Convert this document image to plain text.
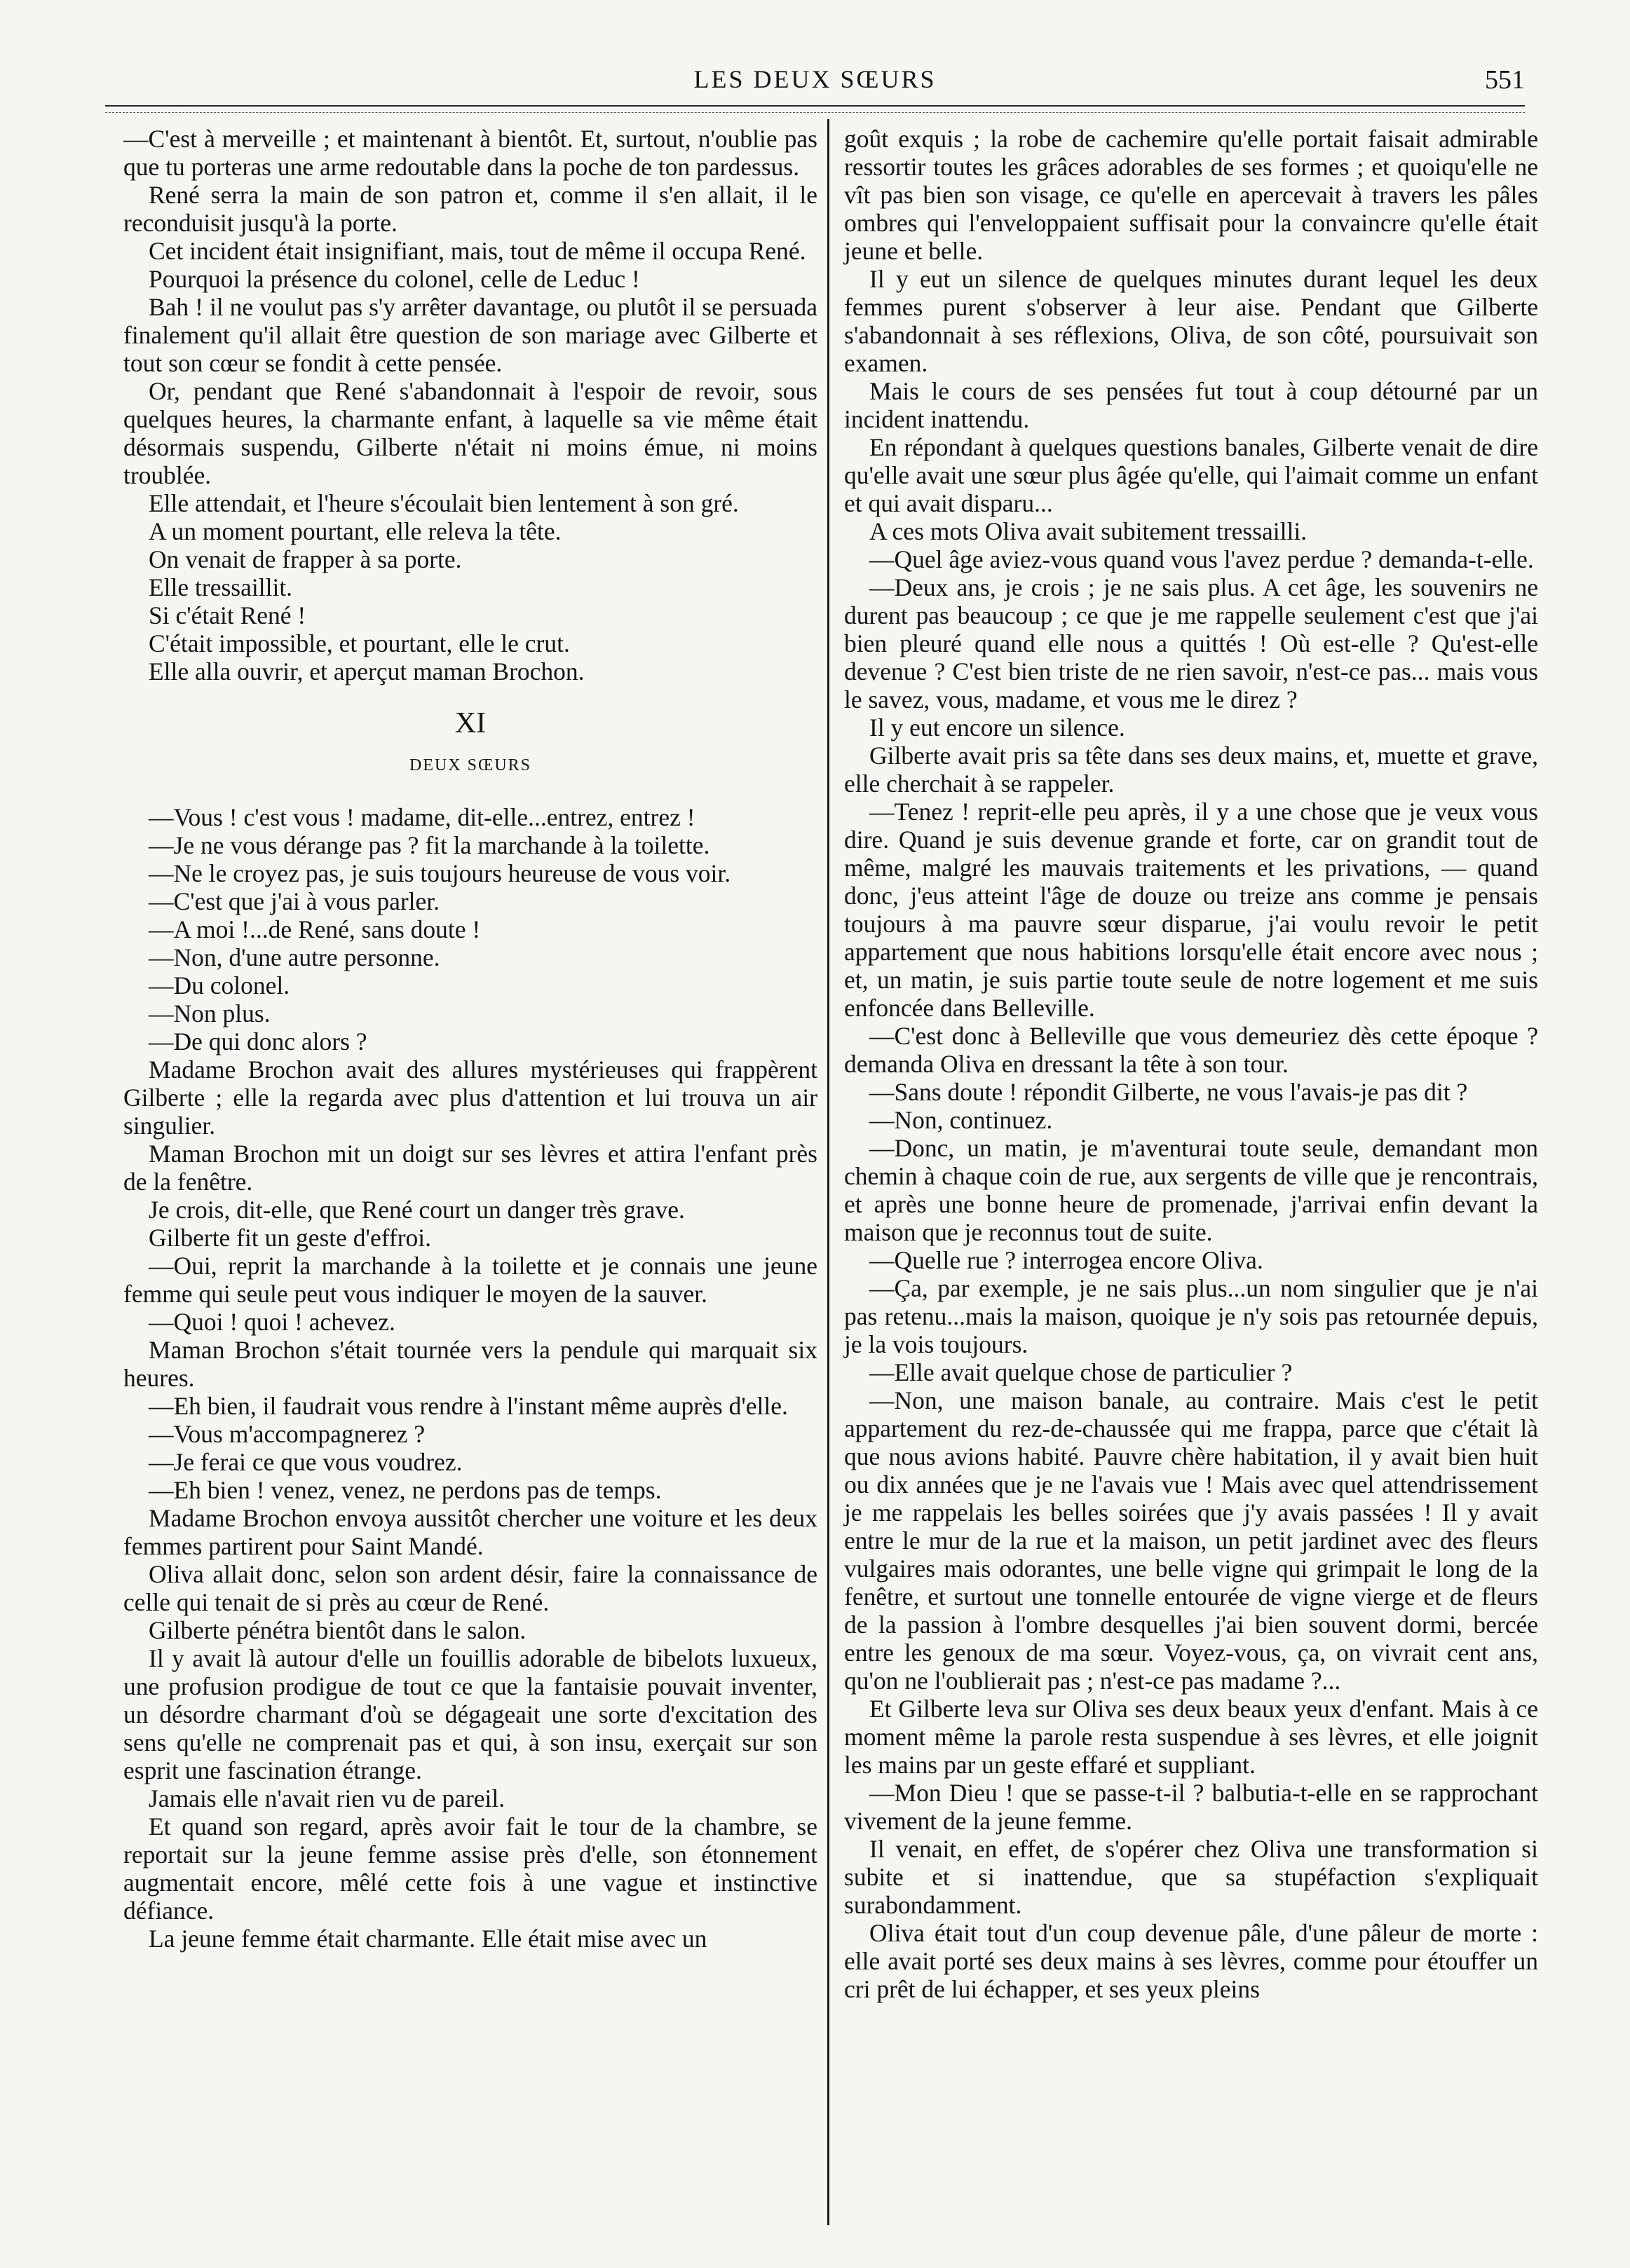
LES DEUX SŒURS	551

—C'est à merveille ; et maintenant à bientôt. Et, surtout, n'oublie pas que tu porteras une arme redoutable dans la poche de ton pardessus.

René serra la main de son patron et, comme il s'en allait, il le reconduisit jusqu'à la porte.

Cet incident était insignifiant, mais, tout de même il occupa René.

Pourquoi la présence du colonel, celle de Leduc !

Bah ! il ne voulut pas s'y arrêter davantage, ou plutôt il se persuada finalement qu'il allait être question de son mariage avec Gilberte et tout son cœur se fondit à cette pensée.

Or, pendant que René s'abandonnait à l'espoir de revoir, sous quelques heures, la charmante enfant, à laquelle sa vie même était désormais suspendu, Gilberte n'était ni moins émue, ni moins troublée.

Elle attendait, et l'heure s'écoulait bien lentement à son gré.

A un moment pourtant, elle releva la tête.

On venait de frapper à sa porte.

Elle tressaillit.

Si c'était René !

C'était impossible, et pourtant, elle le crut.

Elle alla ouvrir, et aperçut maman Brochon.

XI
DEUX SŒURS

—Vous ! c'est vous ! madame, dit-elle...entrez, entrez !

—Je ne vous dérange pas ? fit la marchande à la toilette.

—Ne le croyez pas, je suis toujours heureuse de vous voir.

—C'est que j'ai à vous parler.

—A moi !...de René, sans doute !

—Non, d'une autre personne.

—Du colonel.

—Non plus.

—De qui donc alors ?

Madame Brochon avait des allures mystérieuses qui frappèrent Gilberte ; elle la regarda avec plus d'attention et lui trouva un air singulier.

Maman Brochon mit un doigt sur ses lèvres et attira l'enfant près de la fenêtre.

Je crois, dit-elle, que René court un danger très grave.

Gilberte fit un geste d'effroi.

—Oui, reprit la marchande à la toilette et je connais une jeune femme qui seule peut vous indiquer le moyen de la sauver.

—Quoi ! quoi ! achevez.

Maman Brochon s'était tournée vers la pendule qui marquait six heures.

—Eh bien, il faudrait vous rendre à l'instant même auprès d'elle.

—Vous m'accompagnerez ?

—Je ferai ce que vous voudrez.

—Eh bien ! venez, venez, ne perdons pas de temps.

Madame Brochon envoya aussitôt chercher une voiture et les deux femmes partirent pour Saint Mandé.

Oliva allait donc, selon son ardent désir, faire la connaissance de celle qui tenait de si près au cœur de René.

Gilberte pénétra bientôt dans le salon.

Il y avait là autour d'elle un fouillis adorable de bibelots luxueux, une profusion prodigue de tout ce que la fantaisie pouvait inventer, un désordre charmant d'où se dégageait une sorte d'excitation des sens qu'elle ne comprenait pas et qui, à son insu, exerçait sur son esprit une fascination étrange.

Jamais elle n'avait rien vu de pareil.

Et quand son regard, après avoir fait le tour de la chambre, se reportait sur la jeune femme assise près d'elle, son étonnement augmentait encore, mêlé cette fois à une vague et instinctive défiance.

La jeune femme était charmante. Elle était mise avec un

goût exquis ; la robe de cachemire qu'elle portait faisait admirable ressortir toutes les grâces adorables de ses formes ; et quoiqu'elle ne vît pas bien son visage, ce qu'elle en apercevait à travers les pâles ombres qui l'enveloppaient suffisait pour la convaincre qu'elle était jeune et belle.

Il y eut un silence de quelques minutes durant lequel les deux femmes purent s'observer à leur aise. Pendant que Gilberte s'abandonnait à ses réflexions, Oliva, de son côté, poursuivait son examen.

Mais le cours de ses pensées fut tout à coup détourné par un incident inattendu.

En répondant à quelques questions banales, Gilberte venait de dire qu'elle avait une sœur plus âgée qu'elle, qui l'aimait comme un enfant et qui avait disparu...

A ces mots Oliva avait subitement tressailli.

—Quel âge aviez-vous quand vous l'avez perdue ? demanda-t-elle.

—Deux ans, je crois ; je ne sais plus. A cet âge, les souvenirs ne durent pas beaucoup ; ce que je me rappelle seulement c'est que j'ai bien pleuré quand elle nous a quittés ! Où est-elle ? Qu'est-elle devenue ? C'est bien triste de ne rien savoir, n'est-ce pas... mais vous le savez, vous, madame, et vous me le direz ?

Il y eut encore un silence.

Gilberte avait pris sa tête dans ses deux mains, et, muette et grave, elle cherchait à se rappeler.

—Tenez ! reprit-elle peu après, il y a une chose que je veux vous dire. Quand je suis devenue grande et forte, car on grandit tout de même, malgré les mauvais traitements et les privations, — quand donc, j'eus atteint l'âge de douze ou treize ans comme je pensais toujours à ma pauvre sœur disparue, j'ai voulu revoir le petit appartement que nous habitions lorsqu'elle était encore avec nous ; et, un matin, je suis partie toute seule de notre logement et me suis enfoncée dans Belleville.

—C'est donc à Belleville que vous demeuriez dès cette époque ? demanda Oliva en dressant la tête à son tour.

—Sans doute ! répondit Gilberte, ne vous l'avais-je pas dit ?

—Non, continuez.

—Donc, un matin, je m'aventurai toute seule, demandant mon chemin à chaque coin de rue, aux sergents de ville que je rencontrais, et après une bonne heure de promenade, j'arrivai enfin devant la maison que je reconnus tout de suite.

—Quelle rue ? interrogea encore Oliva.

—Ça, par exemple, je ne sais plus...un nom singulier que je n'ai pas retenu...mais la maison, quoique je n'y sois pas retournée depuis, je la vois toujours.

—Elle avait quelque chose de particulier ?

—Non, une maison banale, au contraire. Mais c'est le petit appartement du rez-de-chaussée qui me frappa, parce que c'était là que nous avions habité. Pauvre chère habitation, il y avait bien huit ou dix années que je ne l'avais vue ! Mais avec quel attendrissement je me rappelais les belles soirées que j'y avais passées ! Il y avait entre le mur de la rue et la maison, un petit jardinet avec des fleurs vulgaires mais odorantes, une belle vigne qui grimpait le long de la fenêtre, et surtout une tonnelle entourée de vigne vierge et de fleurs de la passion à l'ombre desquelles j'ai bien souvent dormi, bercée entre les genoux de ma sœur. Voyez-vous, ça, on vivrait cent ans, qu'on ne l'oublierait pas ; n'est-ce pas madame ?...

Et Gilberte leva sur Oliva ses deux beaux yeux d'enfant. Mais à ce moment même la parole resta suspendue à ses lèvres, et elle joignit les mains par un geste effaré et suppliant.

—Mon Dieu ! que se passe-t-il ? balbutia-t-elle en se rapprochant vivement de la jeune femme.

Il venait, en effet, de s'opérer chez Oliva une transformation si subite et si inattendue, que sa stupéfaction s'expliquait surabondamment.

Oliva était tout d'un coup devenue pâle, d'une pâleur de morte : elle avait porté ses deux mains à ses lèvres, comme pour étouffer un cri prêt de lui échapper, et ses yeux pleins
